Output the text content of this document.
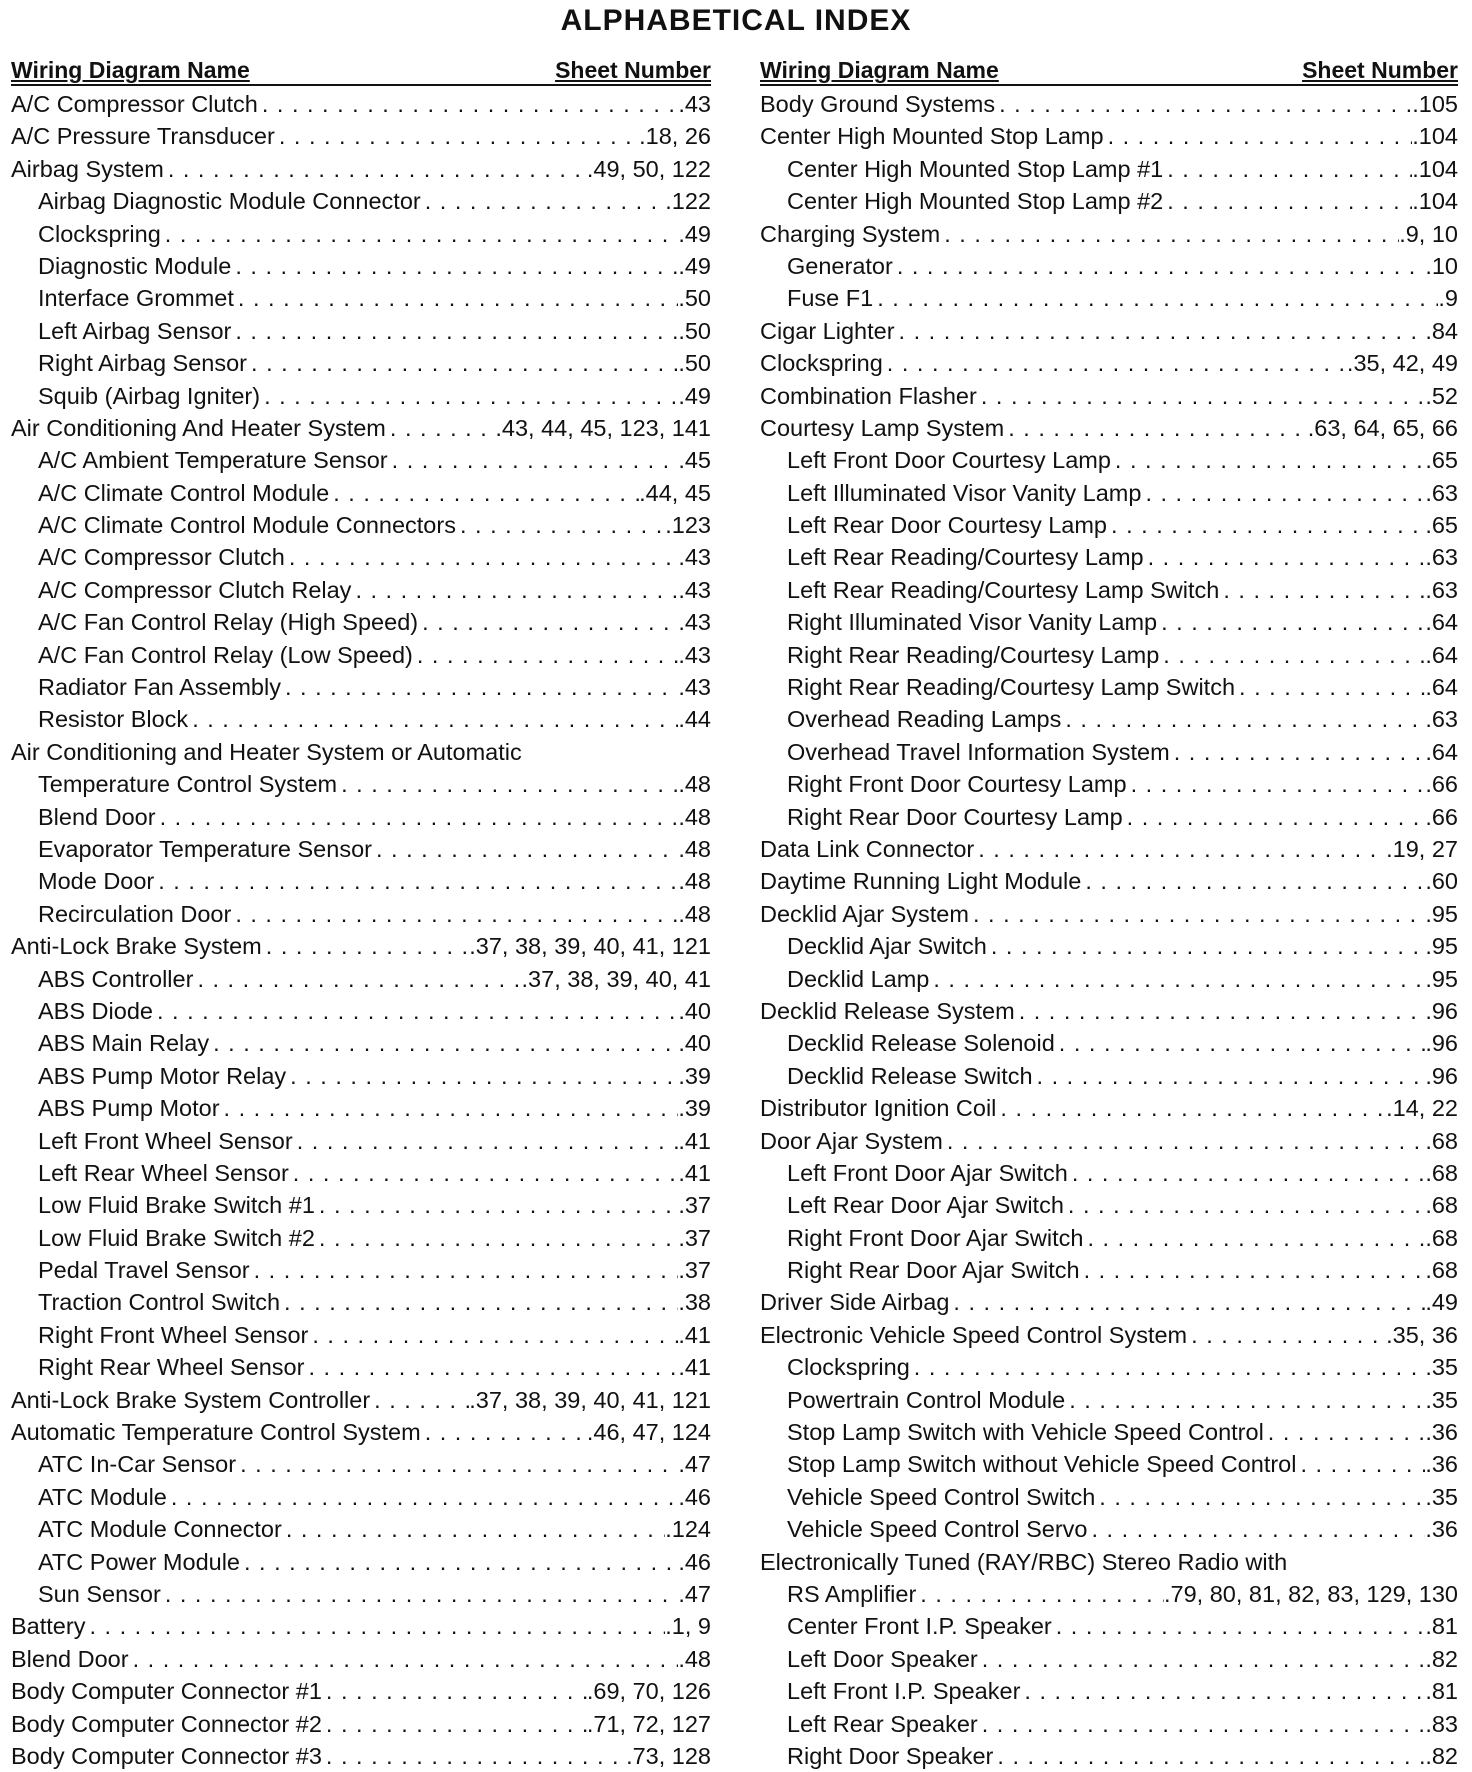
ALPHABETICAL INDEX
Wiring Diagram Name	Sheet Number
A/C Compressor Clutch . . .	.43
A/C Pressure Transducer . . .	.18, 26
Airbag System . . .	.49, 50, 122
Airbag Diagnostic Module Connector . . .	.122
Clockspring . . .	.49
Diagnostic Module . . .	.49
Interface Grommet . . .	.50
Left Airbag Sensor . . .	.50
Right Airbag Sensor . . .	.50
Squib (Airbag Igniter) . . .	.49
Air Conditioning And Heater System . . .	.43, 44, 45, 123, 141
A/C Ambient Temperature Sensor . . .	.45
A/C Climate Control Module . . .	.44, 45
A/C Climate Control Module Connectors . . .	.123
A/C Compressor Clutch . . .	.43
A/C Compressor Clutch Relay . . .	.43
A/C Fan Control Relay (High Speed) . . .	.43
A/C Fan Control Relay (Low Speed) . . .	.43
Radiator Fan Assembly . . .	.43
Resistor Block . . .	.44
Air Conditioning and Heater System or Automatic
Temperature Control System . . .	.48
Blend Door . . .	.48
Evaporator Temperature Sensor . . .	.48
Mode Door . . .	.48
Recirculation Door . . .	.48
Anti-Lock Brake System . . .	.37, 38, 39, 40, 41, 121
ABS Controller . . .	.37, 38, 39, 40, 41
ABS Diode . . .	.40
ABS Main Relay . . .	.40
ABS Pump Motor Relay . . .	.39
ABS Pump Motor . . .	.39
Left Front Wheel Sensor . . .	.41
Left Rear Wheel Sensor . . .	.41
Low Fluid Brake Switch #1 . . .	.37
Low Fluid Brake Switch #2 . . .	.37
Pedal Travel Sensor . . .	.37
Traction Control Switch . . .	.38
Right Front Wheel Sensor . . .	.41
Right Rear Wheel Sensor . . .	.41
Anti-Lock Brake System Controller . . .	.37, 38, 39, 40, 41, 121
Automatic Temperature Control System . . .	.46, 47, 124
ATC In-Car Sensor . . .	.47
ATC Module . . .	.46
ATC Module Connector . . .	.124
ATC Power Module . . .	.46
Sun Sensor . . .	.47
Battery . . .	.1, 9
Blend Door . . .	.48
Body Computer Connector #1 . . .	.69, 70, 126
Body Computer Connector #2 . . .	.71, 72, 127
Body Computer Connector #3 . . .	.73, 128
Wiring Diagram Name	Sheet Number
Body Ground Systems . . .	.105
Center High Mounted Stop Lamp . . .	.104
Center High Mounted Stop Lamp #1 . . .	.104
Center High Mounted Stop Lamp #2 . . .	.104
Charging System . . .	.9, 10
Generator . . .	.10
Fuse F1 . . .	.9
Cigar Lighter . . .	.84
Clockspring . . .	.35, 42, 49
Combination Flasher . . .	.52
Courtesy Lamp System . . .	.63, 64, 65, 66
Left Front Door Courtesy Lamp . . .	.65
Left Illuminated Visor Vanity Lamp . . .	.63
Left Rear Door Courtesy Lamp . . .	.65
Left Rear Reading/Courtesy Lamp . . .	.63
Left Rear Reading/Courtesy Lamp Switch . . .	.63
Right Illuminated Visor Vanity Lamp . . .	.64
Right Rear Reading/Courtesy Lamp . . .	.64
Right Rear Reading/Courtesy Lamp Switch . . .	.64
Overhead Reading Lamps . . .	.63
Overhead Travel Information System . . .	.64
Right Front Door Courtesy Lamp . . .	.66
Right Rear Door Courtesy Lamp . . .	.66
Data Link Connector . . .	.19, 27
Daytime Running Light Module . . .	.60
Decklid Ajar System . . .	.95
Decklid Ajar Switch . . .	.95
Decklid Lamp . . .	.95
Decklid Release System . . .	.96
Decklid Release Solenoid . . .	.96
Decklid Release Switch . . .	.96
Distributor Ignition Coil . . .	.14, 22
Door Ajar System . . .	.68
Left Front Door Ajar Switch . . .	.68
Left Rear Door Ajar Switch . . .	.68
Right Front Door Ajar Switch . . .	.68
Right Rear Door Ajar Switch . . .	.68
Driver Side Airbag . . .	.49
Electronic Vehicle Speed Control System . . .	.35, 36
Clockspring . . .	.35
Powertrain Control Module . . .	.35
Stop Lamp Switch with Vehicle Speed Control . . .	.36
Stop Lamp Switch without Vehicle Speed Control . . .	.36
Vehicle Speed Control Switch . . .	.35
Vehicle Speed Control Servo . . .	.36
Electronically Tuned (RAY/RBC) Stereo Radio with
RS Amplifier . . .	.79, 80, 81, 82, 83, 129, 130
Center Front I.P. Speaker . . .	.81
Left Door Speaker . . .	.82
Left Front I.P. Speaker . . .	.81
Left Rear Speaker . . .	.83
Right Door Speaker . . .	.82
